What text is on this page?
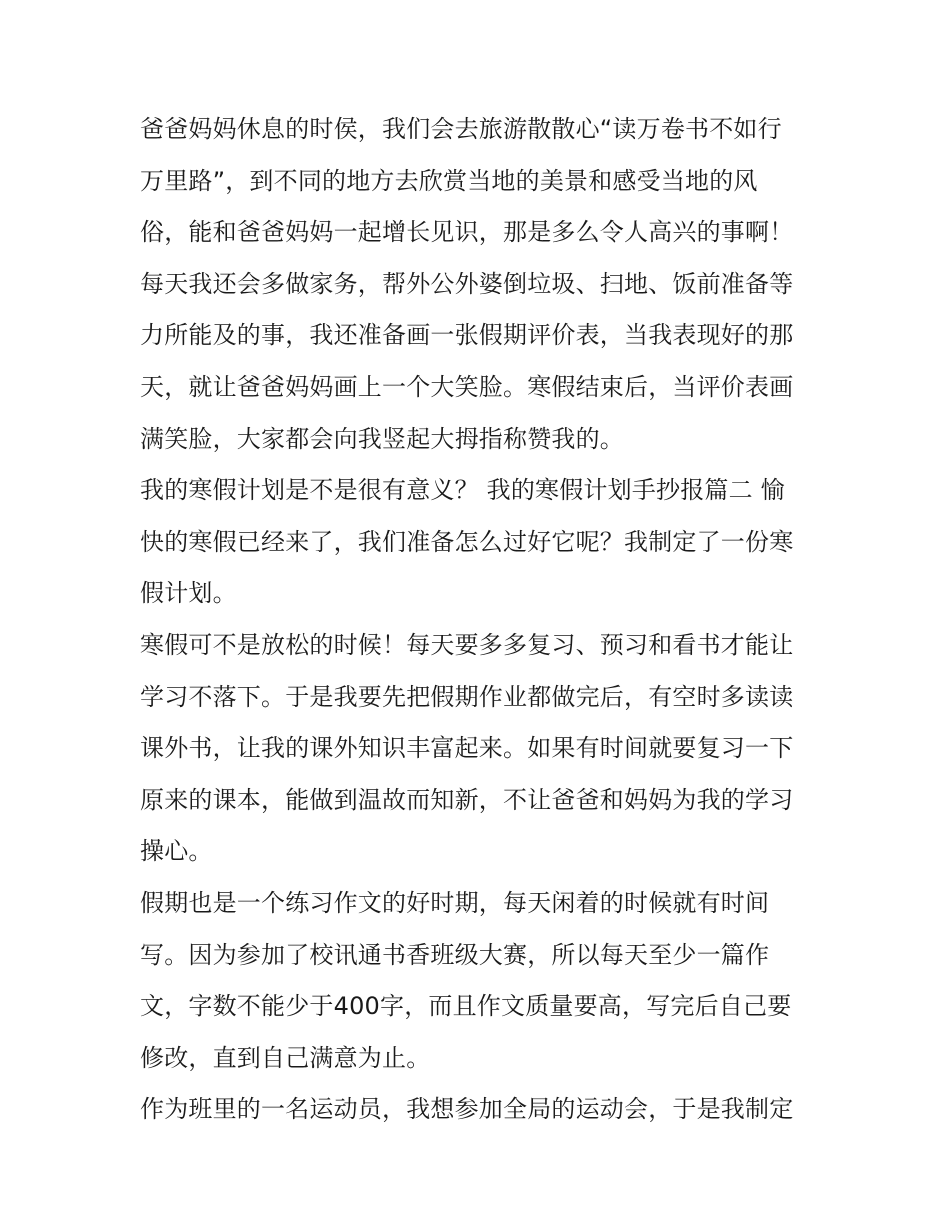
爸爸妈妈休息的时侯，我们会去旅游散散心“读万卷书不如行
万里路”，到不同的地方去欣赏当地的美景和感受当地的风
俗，能和爸爸妈妈一起增长见识，那是多么令人高兴的事啊！
每天我还会多做家务，帮外公外婆倒垃圾、扫地、饭前准备等
力所能及的事，我还准备画一张假期评价表，当我表现好的那
天，就让爸爸妈妈画上一个大笑脸。寒假结束后，当评价表画
满笑脸，大家都会向我竖起大拇指称赞我的。
我的寒假计划是不是很有意义？ 我的寒假计划手抄报篇二 愉
快的寒假已经来了，我们准备怎么过好它呢？我制定了一份寒
假计划。
寒假可不是放松的时候！每天要多多复习、预习和看书才能让
学习不落下。于是我要先把假期作业都做完后，有空时多读读
课外书，让我的课外知识丰富起来。如果有时间就要复习一下
原来的课本，能做到温故而知新，不让爸爸和妈妈为我的学习
操心。
假期也是一个练习作文的好时期，每天闲着的时候就有时间
写。因为参加了校讯通书香班级大赛，所以每天至少一篇作
文，字数不能少于400字，而且作文质量要高，写完后自己要
修改，直到自己满意为止。
作为班里的一名运动员，我想参加全局的运动会，于是我制定
